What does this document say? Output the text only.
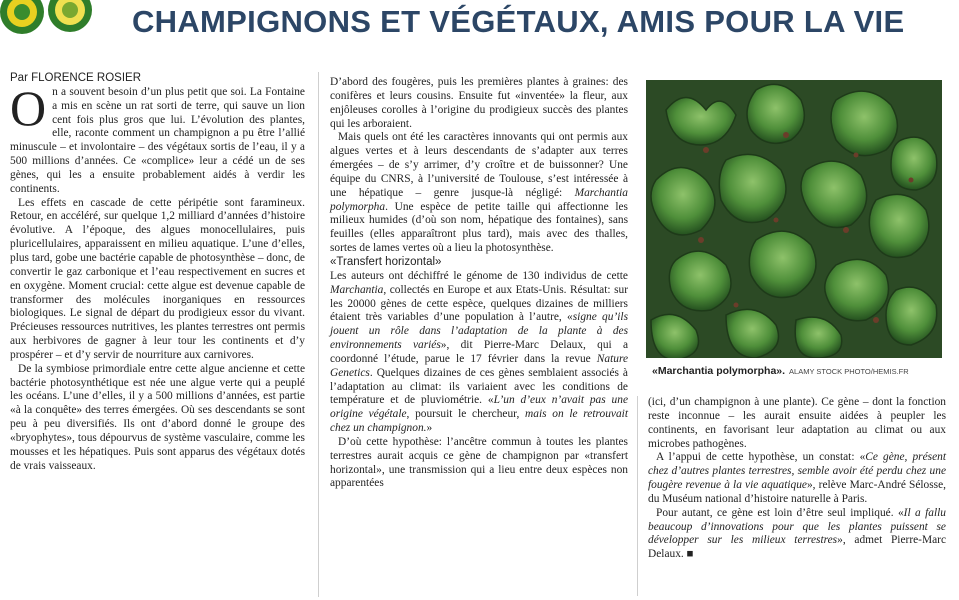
CHAMPIGNONS ET VÉGÉTAUX, AMIS POUR LA VIE

Par FLORENCE ROSIER

On a souvent besoin d’un plus petit que soi. La Fontaine a mis en scène un rat sorti de terre, qui sauve un lion cent fois plus gros que lui. L’évolution des plantes, elle, raconte comment un champignon a pu être l’allié minuscule – et involontaire – des végétaux sortis de l’eau, il y a 500 millions d’années. Ce «complice» leur a cédé un de ses gènes, qui les a ensuite probablement aidés à verdir les continents.

Les effets en cascade de cette péripétie sont faramineux. Retour, en accéléré, sur quelque 1,2 milliard d’années d’histoire évolutive. A l’époque, des algues monocellulaires, puis pluricellulaires, apparaissent en milieu aquatique. L’une d’elles, plus tard, gobe une bactérie capable de photosynthèse – donc, de convertir le gaz carbonique et l’eau respectivement en sucres et en oxygène. Moment crucial: cette algue est devenue capable de transformer des molécules inorganiques en ressources biologiques. Le signal de départ du prodigieux essor du vivant. Précieuses ressources nutritives, les plantes terrestres ont permis aux herbivores de gagner à leur tour les continents et d’y prospérer – et d’y servir de nourriture aux carnivores.

De la symbiose primordiale entre cette algue ancienne et cette bactérie photosynthétique est née une algue verte qui a peuplé les océans. L’une d’elles, il y a 500 millions d’années, est partie «à la conquête» des terres émergées. Où ses descendants se sont peu à peu diversifiés. Ils ont d’abord donné le groupe des «bryophytes», tous dépourvus de système vasculaire, comme les mousses et les hépatiques. Puis sont apparus des végétaux dotés de vrais vaisseaux.

D’abord des fougères, puis les premières plantes à graines: des conifères et leurs cousins. Ensuite fut «inventée» la fleur, aux enjôleuses corolles à l’origine du prodigieux succès des plantes qui les arboraient.

Mais quels ont été les caractères innovants qui ont permis aux algues vertes et à leurs descendants de s’adapter aux terres émergées – de s’y arrimer, d’y croître et de buissonner? Une équipe du CNRS, à l’université de Toulouse, s’est intéressée à une hépatique – genre jusque-là négligé: Marchantia polymorpha. Une espèce de petite taille qui affectionne les milieux humides (d’où son nom, hépatique des fontaines), sans feuilles (elles apparaîtront plus tard), mais avec des thalles, sortes de lames vertes où a lieu la photosynthèse.

«Transfert horizontal»

Les auteurs ont déchiffré le génome de 130 individus de cette Marchantia, collectés en Europe et aux Etats-Unis. Résultat: sur les 20000 gènes de cette espèce, quelques dizaines de milliers étaient très variables d’une population à l’autre, «signe qu’ils jouent un rôle dans l’adaptation de la plante à des environnements variés», dit Pierre-Marc Delaux, qui a coordonné l’étude, parue le 17 février dans la revue Nature Genetics. Quelques dizaines de ces gènes semblaient associés à l’adaptation au climat: ils variaient avec les conditions de température et de pluviométrie. «L’un d’eux n’avait pas une origine végétale, poursuit le chercheur, mais on le retrouvait chez un champignon.»

D’où cette hypothèse: l’ancêtre commun à toutes les plantes terrestres aurait acquis ce gène de champignon par «transfert horizontal», une transmission qui a lieu entre deux espèces non apparentées

«Marchantia polymorpha». ALAMY STOCK PHOTO/HEMIS.FR

(ici, d’un champignon à une plante). Ce gène – dont la fonction reste inconnue – les aurait ensuite aidées à peupler les continents, en favorisant leur adaptation au climat ou aux microbes pathogènes.

A l’appui de cette hypothèse, un constat: «Ce gène, présent chez d’autres plantes terrestres, semble avoir été perdu chez une fougère revenue à la vie aquatique», relève Marc-André Sélosse, du Muséum national d’histoire naturelle à Paris.

Pour autant, ce gène est loin d’être seul impliqué. «Il a fallu beaucoup d’innovations pour que les plantes puissent se développer sur les milieux terrestres», admet Pierre-Marc Delaux. ■
